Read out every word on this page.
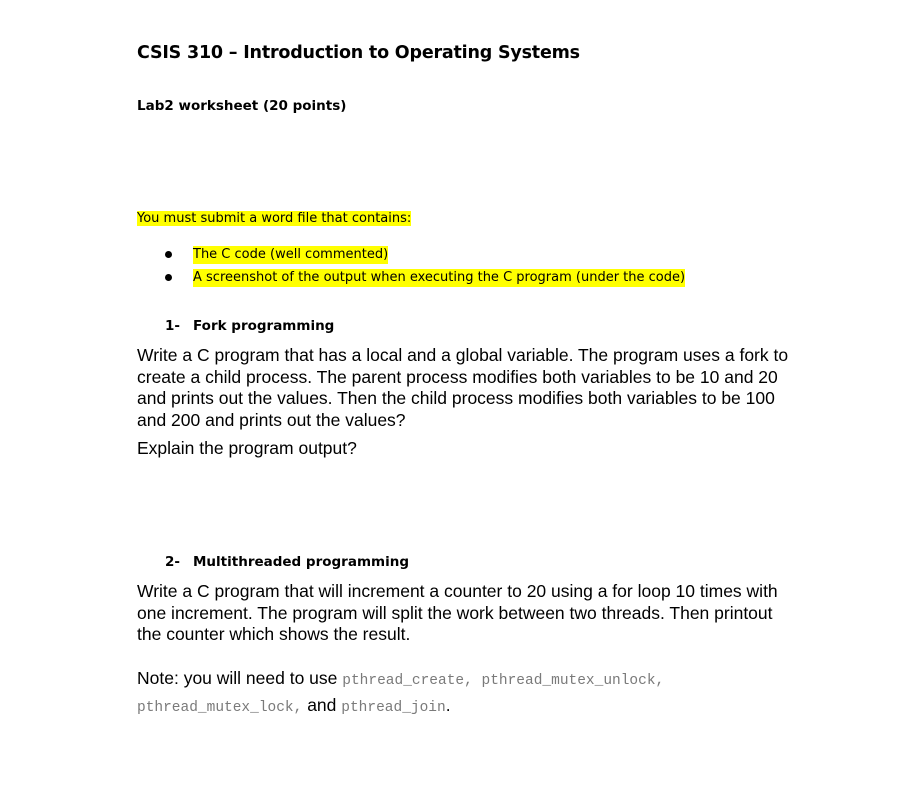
CSIS 310 – Introduction to Operating Systems
Lab2 worksheet (20 points)
You must submit a word file that contains:
The C code (well commented)
A screenshot of the output when executing the C program (under the code)
1- Fork programming
Write a C program that has a local and a global variable. The program uses a fork to create a child process. The parent process modifies both variables to be 10 and 20 and prints out the values. Then the child process modifies both variables to be 100 and 200 and prints out the values?
Explain the program output?
2- Multithreaded programming
Write a C program that will increment a counter to 20 using a for loop 10 times with one increment. The program will split the work between two threads. Then printout the counter which shows the result.
Note: you will need to use pthread_create, pthread_mutex_unlock,
pthread_mutex_lock, and pthread_join.
